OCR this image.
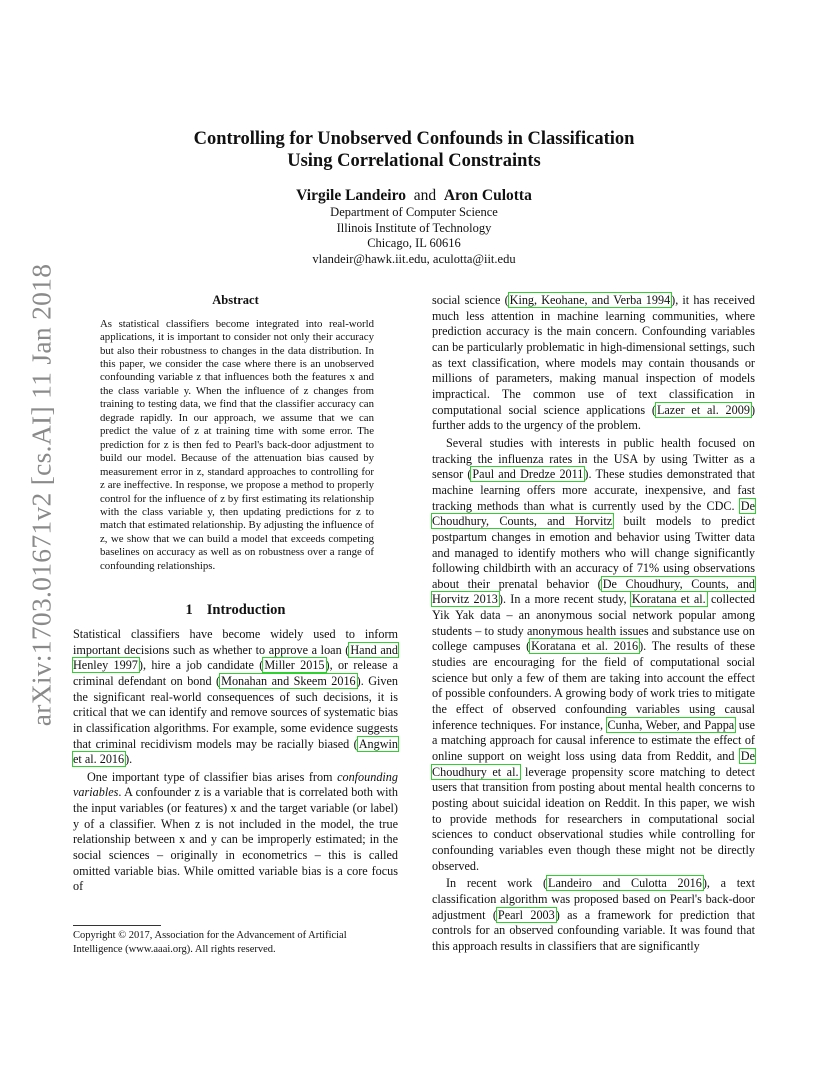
arXiv:1703.01671v2 [cs.AI] 11 Jan 2018
Controlling for Unobserved Confounds in Classification
Using Correlational Constraints
Virgile Landeiro and Aron Culotta
Department of Computer Science
Illinois Institute of Technology
Chicago, IL 60616
vlandeir@hawk.iit.edu, aculotta@iit.edu
Abstract
As statistical classifiers become integrated into real-world applications, it is important to consider not only their accuracy but also their robustness to changes in the data distribution. In this paper, we consider the case where there is an unobserved confounding variable z that influences both the features x and the class variable y. When the influence of z changes from training to testing data, we find that the classifier accuracy can degrade rapidly. In our approach, we assume that we can predict the value of z at training time with some error. The prediction for z is then fed to Pearl's back-door adjustment to build our model. Because of the attenuation bias caused by measurement error in z, standard approaches to controlling for z are ineffective. In response, we propose a method to properly control for the influence of z by first estimating its relationship with the class variable y, then updating predictions for z to match that estimated relationship. By adjusting the influence of z, we show that we can build a model that exceeds competing baselines on accuracy as well as on robustness over a range of confounding relationships.
1 Introduction

Statistical classifiers have become widely used to inform important decisions such as whether to approve a loan (Hand and Henley 1997), hire a job candidate (Miller 2015), or release a criminal defendant on bond (Monahan and Skeem 2016). Given the significant real-world consequences of such decisions, it is critical that we can identify and remove sources of systematic bias in classification algorithms. For example, some evidence suggests that criminal recidivism models may be racially biased (Angwin et al. 2016).

One important type of classifier bias arises from confounding variables. A confounder z is a variable that is correlated both with the input variables (or features) x and the target variable (or label) y of a classifier. When z is not included in the model, the true relationship between x and y can be improperly estimated; in the social sciences – originally in econometrics – this is called omitted variable bias. While omitted variable bias is a core focus of

Copyright © 2017, Association for the Advancement of Artificial Intelligence (www.aaai.org). All rights reserved.

social science (King, Keohane, and Verba 1994), it has received much less attention in machine learning communities, where prediction accuracy is the main concern. Confounding variables can be particularly problematic in high-dimensional settings, such as text classification, where models may contain thousands or millions of parameters, making manual inspection of models impractical. The common use of text classification in computational social science applications (Lazer et al. 2009) further adds to the urgency of the problem.

Several studies with interests in public health focused on tracking the influenza rates in the USA by using Twitter as a sensor (Paul and Dredze 2011). These studies demonstrated that machine learning offers more accurate, inexpensive, and fast tracking methods than what is currently used by the CDC. De Choudhury, Counts, and Horvitz built models to predict postpartum changes in emotion and behavior using Twitter data and managed to identify mothers who will change significantly following childbirth with an accuracy of 71% using observations about their prenatal behavior (De Choudhury, Counts, and Horvitz 2013). In a more recent study, Koratana et al. collected Yik Yak data – an anonymous social network popular among students – to study anonymous health issues and substance use on college campuses (Koratana et al. 2016). The results of these studies are encouraging for the field of computational social science but only a few of them are taking into account the effect of possible confounders. A growing body of work tries to mitigate the effect of observed confounding variables using causal inference techniques. For instance, Cunha, Weber, and Pappa use a matching approach for causal inference to estimate the effect of online support on weight loss using data from Reddit, and De Choudhury et al. leverage propensity score matching to detect users that transition from posting about mental health concerns to posting about suicidal ideation on Reddit. In this paper, we wish to provide methods for researchers in computational social sciences to conduct observational studies while controlling for confounding variables even though these might not be directly observed.

In recent work (Landeiro and Culotta 2016), a text classification algorithm was proposed based on Pearl's back-door adjustment (Pearl 2003) as a framework for prediction that controls for an observed confounding variable. It was found that this approach results in classifiers that are significantly
